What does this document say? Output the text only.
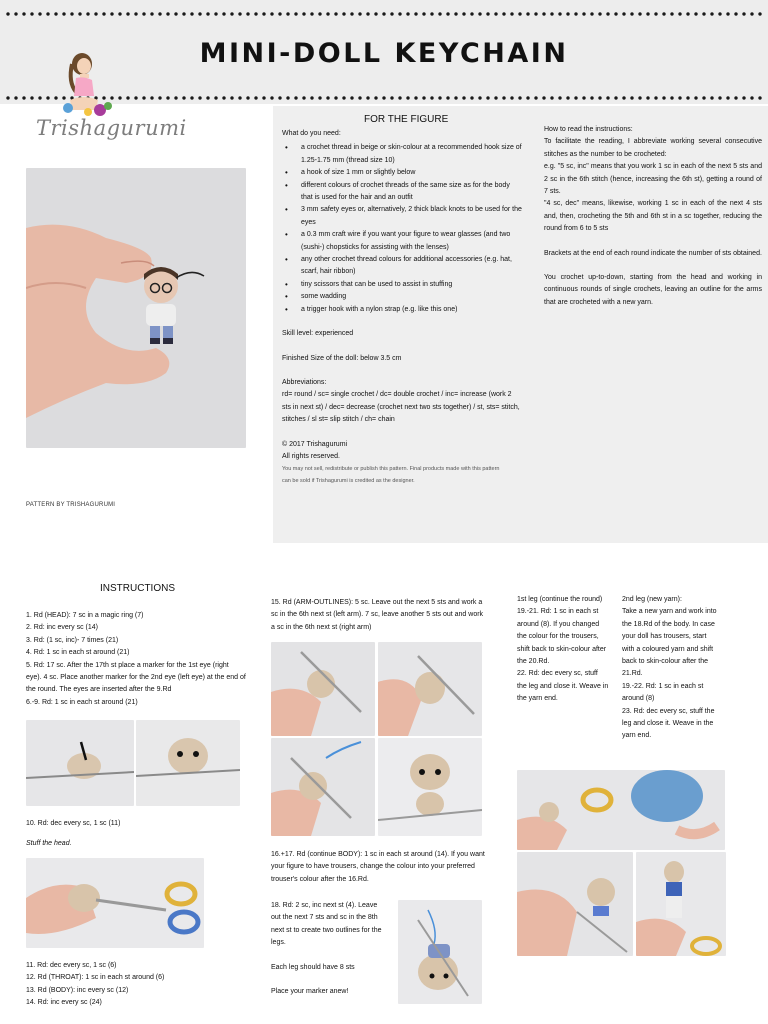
MINI-DOLL KEYCHAIN
Trishagurumi
PATTERN BY TRISHAGURUMI
FOR THE FIGURE
What do you need:
• a crochet thread in beige or skin-colour at a recommended hook size of 1.25-1.75 mm (thread size 10)
• a hook of size 1 mm or slightly below
• different colours of crochet threads of the same size as for the body that is used for the hair and an outfit
• 3 mm safety eyes or, alternatively, 2 thick black knots to be used for the eyes
• a 0.3 mm craft wire if you want your figure to wear glasses (and two (sushi-) chopsticks for assisting with the lenses)
• any other crochet thread colours for additional accessories (e.g. hat, scarf, hair ribbon)
• tiny scissors that can be used to assist in stuffing
• some wadding
• a trigger hook with a nylon strap (e.g. like this one)
Skill level: experienced
Finished Size of the doll: below 3.5 cm
Abbreviations:
rd= round / sc= single crochet / dc= double crochet / inc= increase (work 2 sts in next st) / dec= decrease (crochet next two sts together) / st, sts= stitch, stitches / sl st= slip stitch / ch= chain
© 2017 Trishagurumi
All rights reserved.
You may not sell, redistribute or publish this pattern. Final products made with this pattern
can be sold if Trishagurumi is credited as the designer.
How to read the instructions:
To facilitate the reading, I abbreviate working several consecutive stitches as the number to be crocheted:
e.g. "5 sc, inc" means that you work 1 sc in each of the next 5 sts and 2 sc in the 6th stitch (hence, increasing the 6th st), getting a round of 7 sts.
"4 sc, dec" means, likewise, working 1 sc in each of the next 4 sts and, then, crocheting the 5th and 6th st in a sc together, reducing the round from 6 to 5 sts
Brackets at the end of each round indicate the number of sts obtained.
You crochet up-to-down, starting from the head and working in continuous rounds of single crochets, leaving an outline for the arms that are crocheted with a new yarn.
INSTRUCTIONS

1. Rd (HEAD): 7 sc in a magic ring (7)

2. Rd: inc every sc (14)

3. Rd: (1 sc, inc)- 7 times (21)

4. Rd: 1 sc in each st around (21)

5. Rd: 17 sc. After the 17th st place a marker for the 1st eye (right eye). 4 sc. Place another marker for the 2nd eye (left eye) at the end of the round. The eyes are inserted after the 9.Rd

6.-9. Rd: 1 sc in each st around (21)

10. Rd: dec every sc, 1 sc (11)

Stuff the head.

11. Rd: dec every sc, 1 sc (6)

12. Rd (THROAT): 1 sc in each st around (6)

13. Rd (BODY): inc every sc (12)

14. Rd: inc every sc (24)

15. Rd (ARM-OUTLINES): 5 sc. Leave out the next 5 sts and work a sc in the 6th next st (left arm). 7 sc, leave another 5 sts out and work a sc in the 6th next st (right arm)

16.+17. Rd (continue BODY): 1 sc in each st around (14). If you want your figure to have trousers, change the colour into your preferred trouser's colour after the 16.Rd.

18. Rd: 2 sc, inc next st (4). Leave out the next 7 sts and sc in the 8th next st to create two outlines for the legs.

Each leg should have 8 sts

Place your marker anew!

1st leg (continue the round)

19.-21. Rd: 1 sc in each st around (8). If you changed the colour for the trousers, shift back to skin-colour after the 20.Rd.

22. Rd: dec every sc, stuff the leg and close it. Weave in the yarn end.

2nd leg (new yarn):

Take a new yarn and work into the 18.Rd of the body. In case your doll has trousers, start with a coloured yarn and shift back to skin-colour after the 21.Rd.

19.-22. Rd: 1 sc in each st around (8)

23. Rd: dec every sc, stuff the leg and close it. Weave in the yarn end.
